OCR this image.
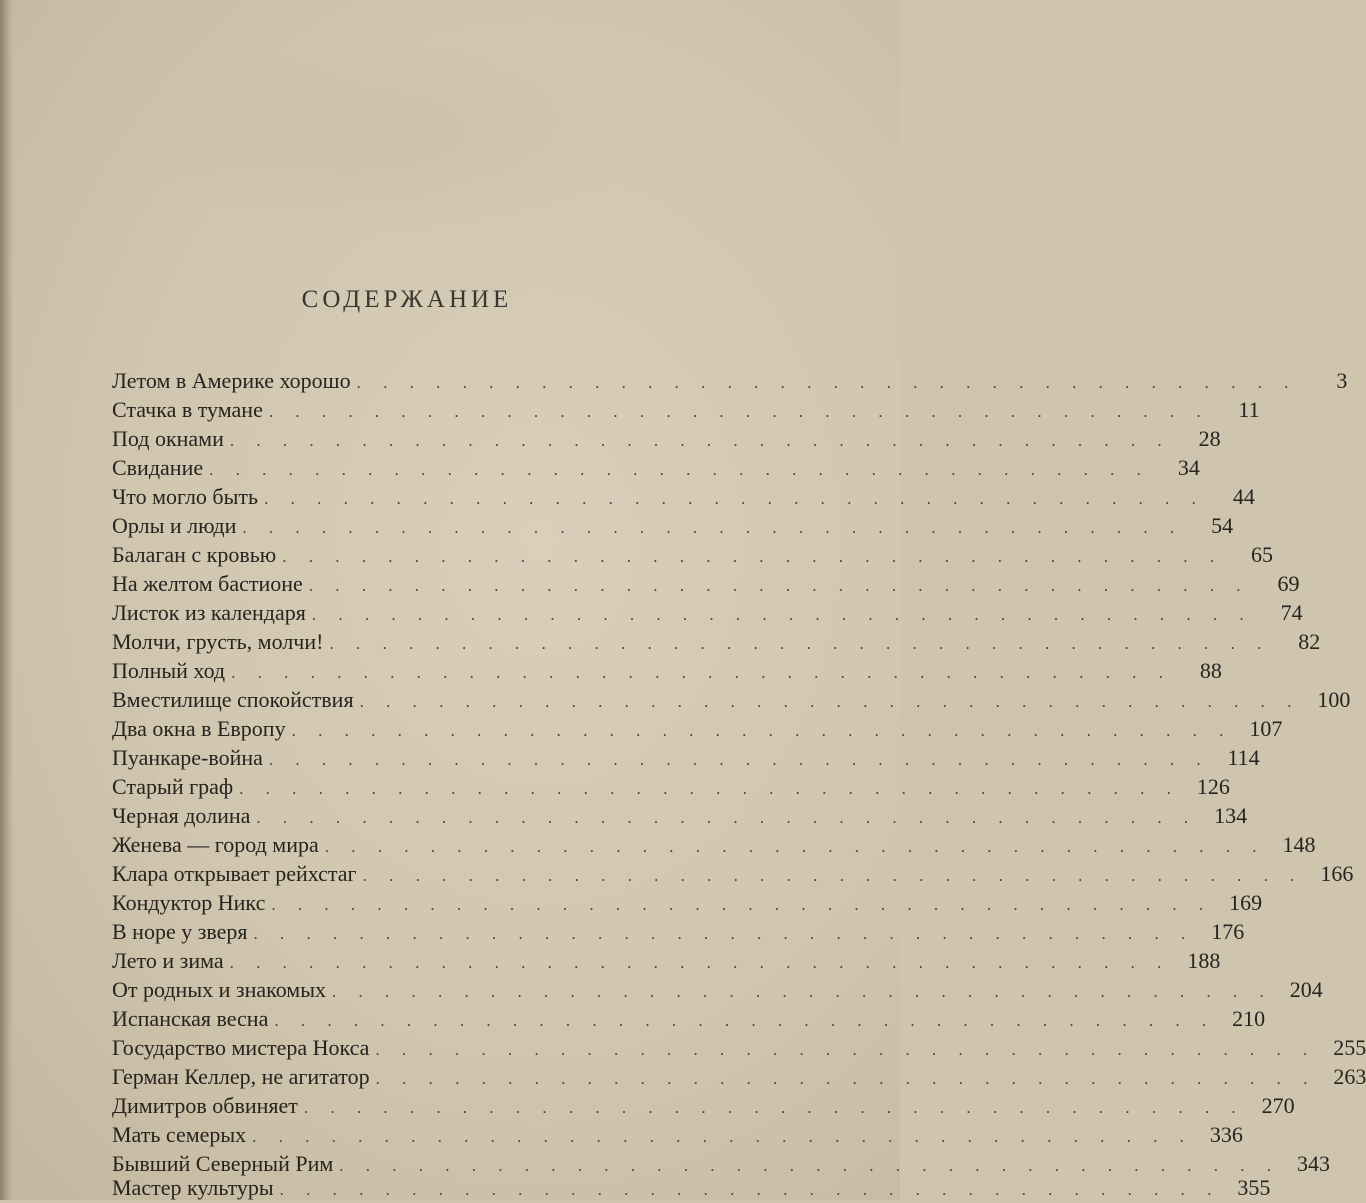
СОДЕРЖАНИЕ
Летом в Америке хорошо . . . . . . . . . . . . . . . . . . . . . . . . . . . . . . . . . . . .	3
Стачка в тумане . . . . . . . . . . . . . . . . . . . . . . . . . . . . . . . . . . . .	11
Под окнами . . . . . . . . . . . . . . . . . . . . . . . . . . . . . . . . . . . .	28
Свидание . . . . . . . . . . . . . . . . . . . . . . . . . . . . . . . . . . . .	34
Что могло быть . . . . . . . . . . . . . . . . . . . . . . . . . . . . . . . . . . . .	44
Орлы и люди . . . . . . . . . . . . . . . . . . . . . . . . . . . . . . . . . . . .	54
Балаган с кровью . . . . . . . . . . . . . . . . . . . . . . . . . . . . . . . . . . . .	65
На желтом бастионе . . . . . . . . . . . . . . . . . . . . . . . . . . . . . . . . . . . .	69
Листок из календаря . . . . . . . . . . . . . . . . . . . . . . . . . . . . . . . . . . . .	74
Молчи, грусть, молчи! . . . . . . . . . . . . . . . . . . . . . . . . . . . . . . . . . . . .	82
Полный ход . . . . . . . . . . . . . . . . . . . . . . . . . . . . . . . . . . . .	88
Вместилище спокойствия . . . . . . . . . . . . . . . . . . . . . . . . . . . . . . . . . . . . 100
Два окна в Европу . . . . . . . . . . . . . . . . . . . . . . . . . . . . . . . . . . . . 107
Пуанкаре-война . . . . . . . . . . . . . . . . . . . . . . . . . . . . . . . . . . . . 114
Старый граф . . . . . . . . . . . . . . . . . . . . . . . . . . . . . . . . . . . . 126
Черная долина . . . . . . . . . . . . . . . . . . . . . . . . . . . . . . . . . . . . 134
Женева — город мира . . . . . . . . . . . . . . . . . . . . . . . . . . . . . . . . . . . . 148
Клара открывает рейхстаг . . . . . . . . . . . . . . . . . . . . . . . . . . . . . . . . . . . . 166
Кондуктор Никс . . . . . . . . . . . . . . . . . . . . . . . . . . . . . . . . . . . . 169
В норе у зверя . . . . . . . . . . . . . . . . . . . . . . . . . . . . . . . . . . . . 176
Лето и зима . . . . . . . . . . . . . . . . . . . . . . . . . . . . . . . . . . . . 188
От родных и знакомых . . . . . . . . . . . . . . . . . . . . . . . . . . . . . . . . . . . . 204
Испанская весна . . . . . . . . . . . . . . . . . . . . . . . . . . . . . . . . . . . . 210
Государство мистера Нокса . . . . . . . . . . . . . . . . . . . . . . . . . . . . . . . . . . . . 255
Герман Келлер, не агитатор . . . . . . . . . . . . . . . . . . . . . . . . . . . . . . . . . . . . 263
Димитров обвиняет . . . . . . . . . . . . . . . . . . . . . . . . . . . . . . . . . . . . 270
Мать семерых . . . . . . . . . . . . . . . . . . . . . . . . . . . . . . . . . . . . 336
Бывший Северный Рим . . . . . . . . . . . . . . . . . . . . . . . . . . . . . . . . . . . . 343
Мастер культуры . . . . . . . . . . . . . . . . . . . . . . . . . . . . . . . . . . . . 355
